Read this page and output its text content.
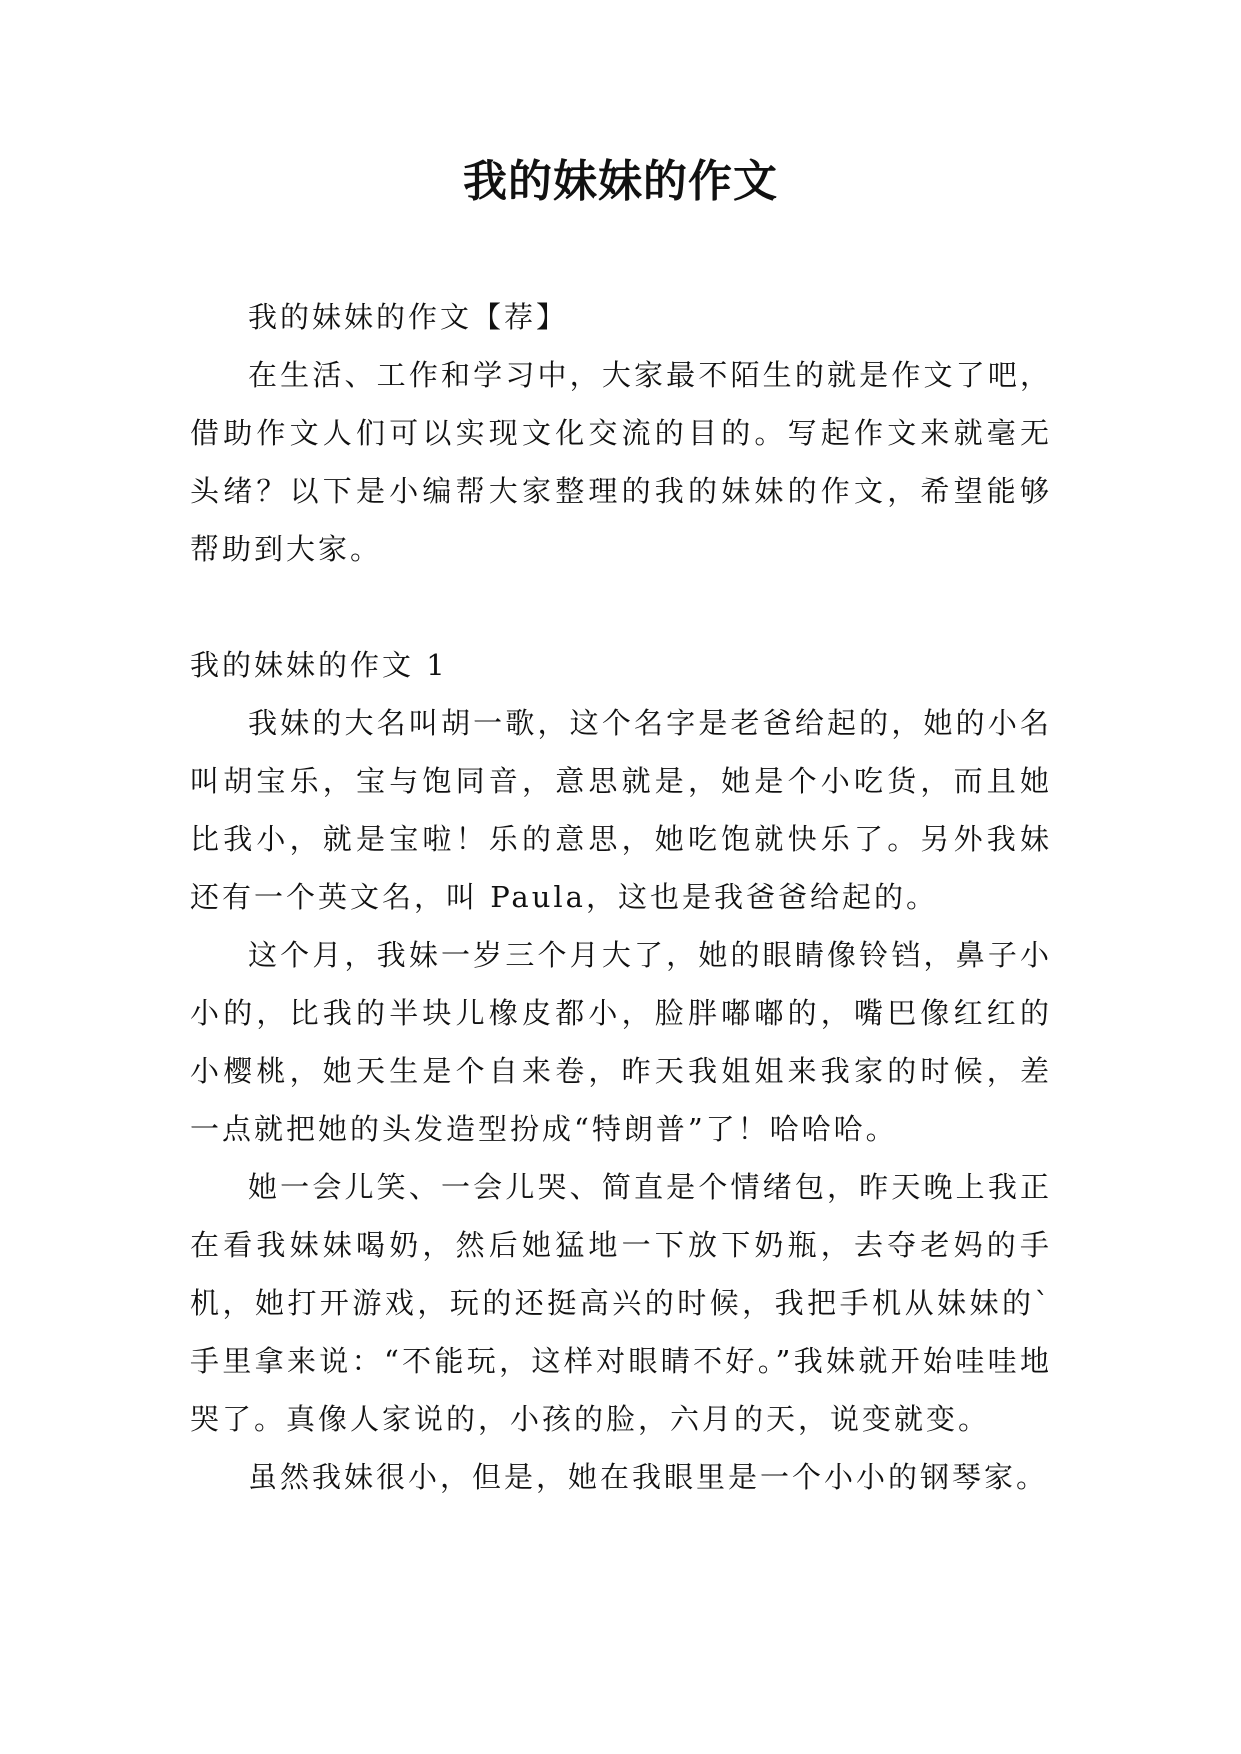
我的妹妹的作文

我的妹妹的作文【荐】

在生活、工作和学习中，大家最不陌生的就是作文了吧，借助作文人们可以实现文化交流的目的。写起作文来就毫无头绪？以下是小编帮大家整理的我的妹妹的作文，希望能够帮助到大家。

我的妹妹的作文 1

我妹的大名叫胡一歌，这个名字是老爸给起的，她的小名叫胡宝乐，宝与饱同音，意思就是，她是个小吃货，而且她比我小，就是宝啦！乐的意思，她吃饱就快乐了。另外我妹还有一个英文名，叫 Paula，这也是我爸爸给起的。

这个月，我妹一岁三个月大了，她的眼睛像铃铛，鼻子小小的，比我的半块儿橡皮都小，脸胖嘟嘟的，嘴巴像红红的小樱桃，她天生是个自来卷，昨天我姐姐来我家的时候，差一点就把她的头发造型扮成“特朗普”了！哈哈哈。

她一会儿笑、一会儿哭、简直是个情绪包，昨天晚上我正在看我妹妹喝奶，然后她猛地一下放下奶瓶，去夺老妈的手机，她打开游戏，玩的还挺高兴的时候，我把手机从妹妹的`手里拿来说：“不能玩，这样对眼睛不好。”我妹就开始哇哇地哭了。真像人家说的，小孩的脸，六月的天，说变就变。

虽然我妹很小，但是，她在我眼里是一个小小的钢琴家。
